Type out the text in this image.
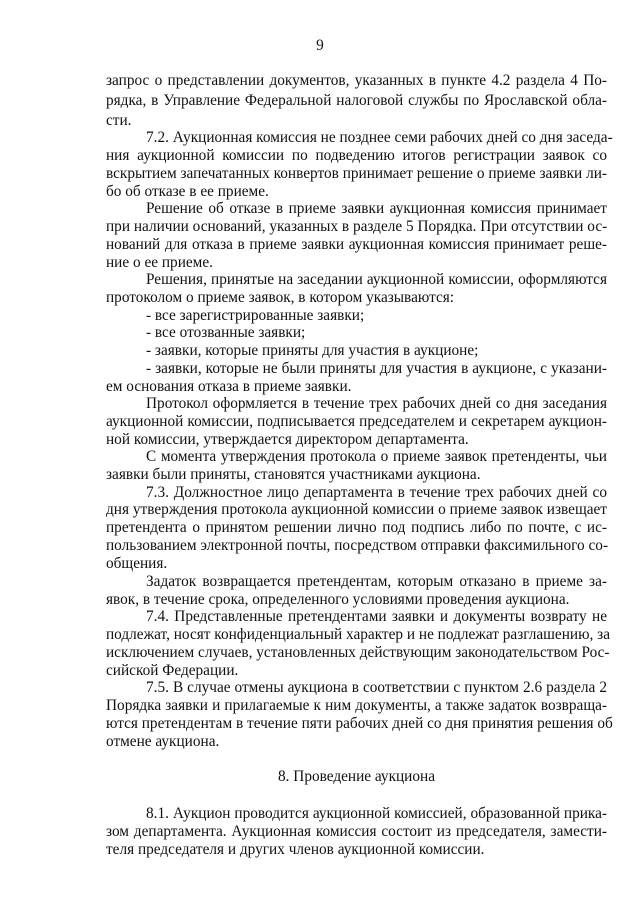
9
запрос о представлении документов, указанных в пункте 4.2 раздела 4 По-
рядка, в Управление Федеральной налоговой службы по Ярославской обла-
сти.
7.2. Аукционная комиссия не позднее семи рабочих дней со дня заседа-
ния аукционной комиссии по подведению итогов регистрации заявок со
вскрытием запечатанных конвертов принимает решение о приеме заявки ли-
бо об отказе в ее приеме.
Решение об отказе в приеме заявки аукционная комиссия принимает
при наличии оснований, указанных в разделе 5 Порядка. При отсутствии ос-
нований для отказа в приеме заявки аукционная комиссия принимает реше-
ние о ее приеме.
Решения, принятые на заседании аукционной комиссии, оформляются
протоколом о приеме заявок, в котором указываются:
- все зарегистрированные заявки;
- все отозванные заявки;
- заявки, которые приняты для участия в аукционе;
- заявки, которые не были приняты для участия в аукционе, с указани-
ем основания отказа в приеме заявки.
Протокол оформляется в течение трех рабочих дней со дня заседания
аукционной комиссии, подписывается председателем и секретарем аукцион-
ной комиссии, утверждается директором департамента.
С момента утверждения протокола о приеме заявок претенденты, чьи
заявки были приняты, становятся участниками аукциона.
7.3. Должностное лицо департамента в течение трех рабочих дней со
дня утверждения протокола аукционной комиссии о приеме заявок извещает
претендента о принятом решении лично под подпись либо по почте, с ис-
пользованием электронной почты, посредством отправки факсимильного со-
общения.
Задаток возвращается претендентам, которым отказано в приеме за-
явок, в течение срока, определенного условиями проведения аукциона.
7.4. Представленные претендентами заявки и документы возврату не
подлежат, носят конфиденциальный характер и не подлежат разглашению, за
исключением случаев, установленных действующим законодательством Рос-
сийской Федерации.
7.5. В случае отмены аукциона в соответствии с пунктом 2.6 раздела 2
Порядка заявки и прилагаемые к ним документы, а также задаток возвраща-
ются претендентам в течение пяти рабочих дней со дня принятия решения об
отмене аукциона.
8. Проведение аукциона
8.1. Аукцион проводится аукционной комиссией, образованной прика-
зом департамента. Аукционная комиссия состоит из председателя, замести-
теля председателя и других членов аукционной комиссии.
